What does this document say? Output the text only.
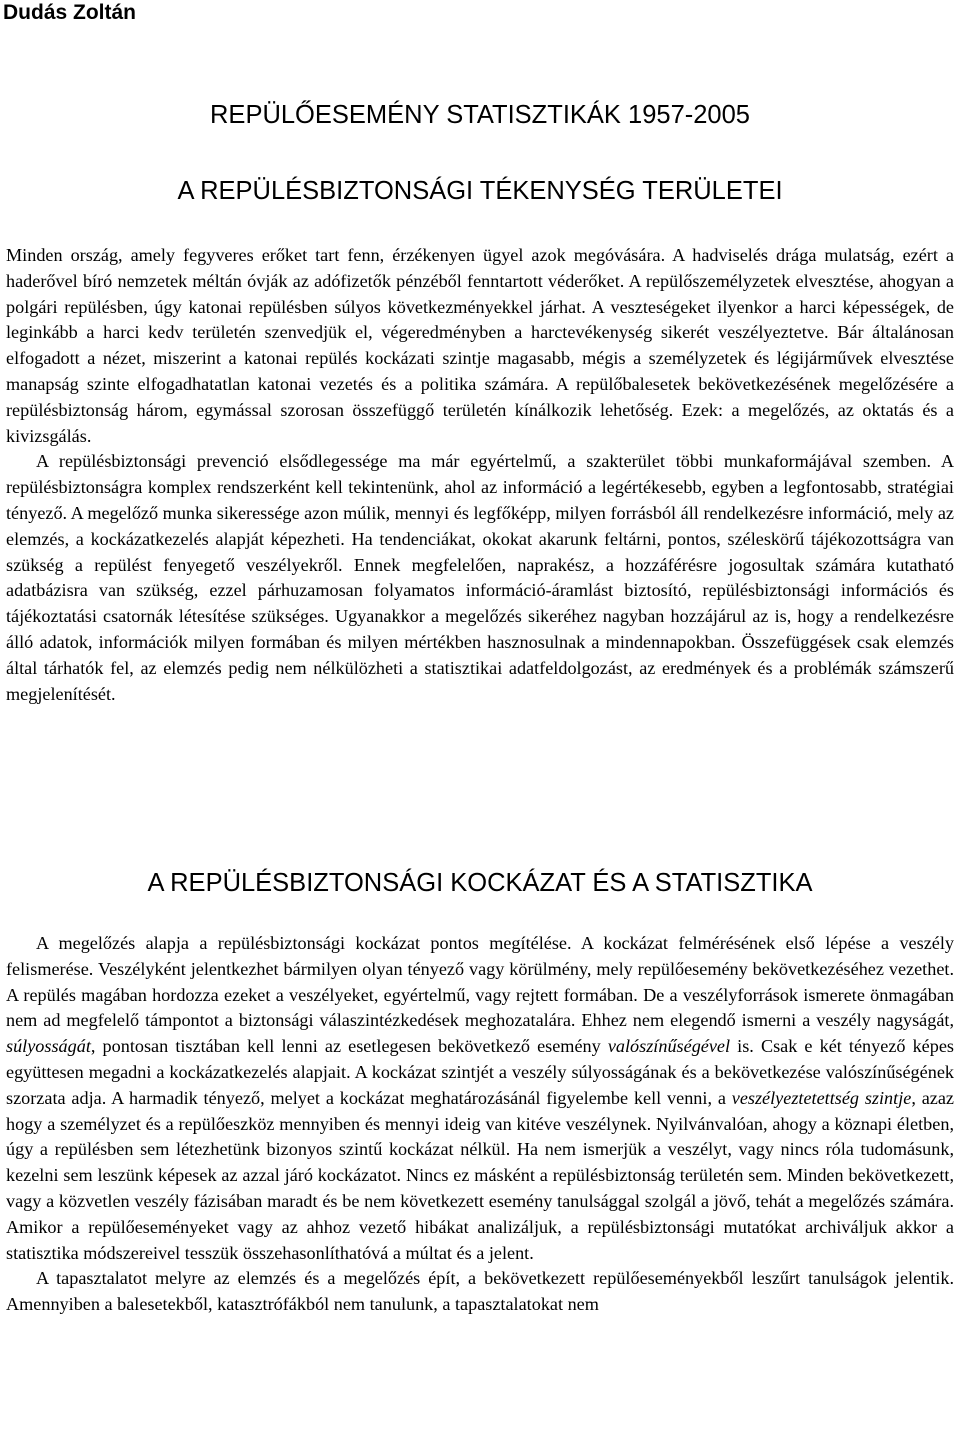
Dudás Zoltán
REPÜLŐESEMÉNY STATISZTIKÁK 1957-2005
A REPÜLÉSBIZTONSÁGI TÉKENYSÉG TERÜLETEI

Minden ország, amely fegyveres erőket tart fenn, érzékenyen ügyel azok megóvására. A hadviselés drága mulatság, ezért a haderővel bíró nemzetek méltán óvják az adófizetők pénzéből fenntartott véderőket. A repülőszemélyzetek elvesztése, ahogyan a polgári repülésben, úgy katonai repülésben súlyos következményekkel járhat. A veszteségeket ilyenkor a harci képességek, de leginkább a harci kedv területén szenvedjük el, végeredményben a harctevékenység sikerét veszélyeztetve. Bár általánosan elfogadott a nézet, miszerint a katonai repülés kockázati szintje magasabb, mégis a személyzetek és légijárművek elvesztése manapság szinte elfogadhatatlan katonai vezetés és a politika számára. A repülőbalesetek bekövetkezésének megelőzésére a repülésbiztonság három, egymással szorosan összefüggő területén kínálkozik lehetőség. Ezek: a megelőzés, az oktatás és a kivizsgálás.
A repülésbiztonsági prevenció elsődlegessége ma már egyértelmű, a szakterület többi munkaformájával szemben. A repülésbiztonságra komplex rendszerként kell tekintenünk, ahol az információ a legértékesebb, egyben a legfontosabb, stratégiai tényező. A megelőző munka sikeressége azon múlik, mennyi és legfőképp, milyen forrásból áll rendelkezésre információ, mely az elemzés, a kockázatkezelés alapját képezheti. Ha tendenciákat, okokat akarunk feltárni, pontos, széleskörű tájékozottságra van szükség a repülést fenyegető veszélyekről. Ennek megfelelően, naprakész, a hozzáférésre jogosultak számára kutatható adatbázisra van szükség, ezzel párhuzamosan folyamatos információ-áramlást biztosító, repülésbiztonsági információs és tájékoztatási csatornák létesítése szükséges. Ugyanakkor a megelőzés sikeréhez nagyban hozzájárul az is, hogy a rendelkezésre álló adatok, információk milyen formában és milyen mértékben hasznosulnak a mindennapokban. Összefüggések csak elemzés által tárhatók fel, az elemzés pedig nem nélkülözheti a statisztikai adatfeldolgozást, az eredmények és a problémák számszerű megjelenítését.

A REPÜLÉSBIZTONSÁGI KOCKÁZAT ÉS A STATISZTIKA

A megelőzés alapja a repülésbiztonsági kockázat pontos megítélése. A kockázat felmérésének első lépése a veszély felismerése. Veszélyként jelentkezhet bármilyen olyan tényező vagy körülmény, mely repülőesemény bekövetkezéséhez vezethet. A repülés magában hordozza ezeket a veszélyeket, egyértelmű, vagy rejtett formában. De a veszélyforrások ismerete önmagában nem ad megfelelő támpontot a biztonsági válaszintézkedések meghozatalára. Ehhez nem elegendő ismerni a veszély nagyságát, súlyosságát, pontosan tisztában kell lenni az esetlegesen bekövetkező esemény valószínűségével is. Csak e két tényező képes együttesen megadni a kockázatkezelés alapjait. A kockázat szintjét a veszély súlyosságának és a bekövetkezése valószínűségének szorzata adja. A harmadik tényező, melyet a kockázat meghatározásánál figyelembe kell venni, a veszélyeztetettség szintje, azaz hogy a személyzet és a repülőeszköz mennyiben és mennyi ideig van kitéve veszélynek. Nyilvánvalóan, ahogy a köznapi életben, úgy a repülésben sem létezhetünk bizonyos szintű kockázat nélkül. Ha nem ismerjük a veszélyt, vagy nincs róla tudomásunk, kezelni sem leszünk képesek az azzal járó kockázatot. Nincs ez másként a repülésbiztonság területén sem. Minden bekövetkezett, vagy a közvetlen veszély fázisában maradt és be nem következett esemény tanulsággal szolgál a jövő, tehát a megelőzés számára. Amikor a repülőeseményeket vagy az ahhoz vezető hibákat analizáljuk, a repülésbiztonsági mutatókat archiváljuk akkor a statisztika módszereivel tesszük összehasonlíthatóvá a múltat és a jelent.
A tapasztalatot melyre az elemzés és a megelőzés épít, a bekövetkezett repülőeseményekből leszűrt tanulságok jelentik. Amennyiben a balesetekből, katasztrófákból nem tanulunk, a tapasztalatokat nem
